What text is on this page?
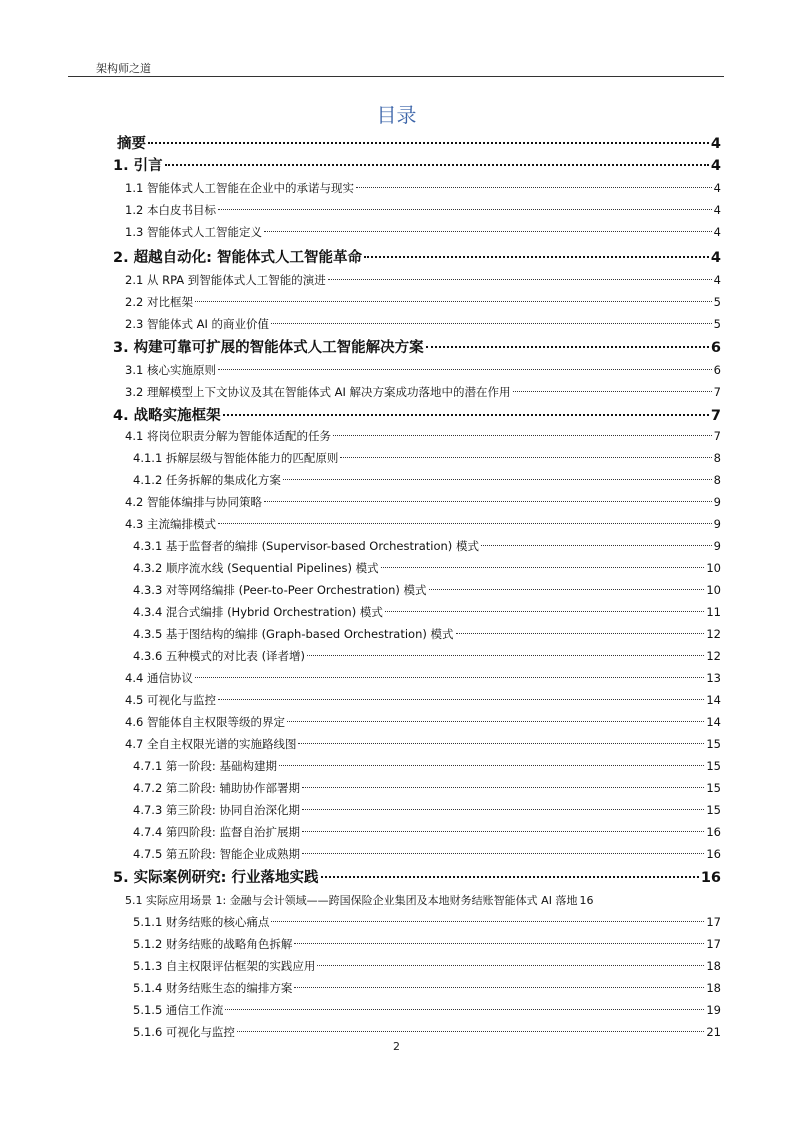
架构师之道
目录
摘要	4
1. 引言	4
1.1 智能体式人工智能在企业中的承诺与现实	4
1.2 本白皮书目标	4
1.3 智能体式人工智能定义	4
2. 超越自动化: 智能体式人工智能革命	4
2.1 从 RPA 到智能体式人工智能的演进	4
2.2 对比框架	5
2.3 智能体式 AI 的商业价值	5
3. 构建可靠可扩展的智能体式人工智能解决方案	6
3.1 核心实施原则	6
3.2 理解模型上下文协议及其在智能体式 AI 解决方案成功落地中的潜在作用	7
4. 战略实施框架	7
4.1 将岗位职责分解为智能体适配的任务	7
4.1.1 拆解层级与智能体能力的匹配原则	8
4.1.2 任务拆解的集成化方案	8
4.2 智能体编排与协同策略	9
4.3 主流编排模式	9
4.3.1 基于监督者的编排 (Supervisor-based Orchestration) 模式	9
4.3.2 顺序流水线 (Sequential Pipelines) 模式	10
4.3.3 对等网络编排 (Peer-to-Peer Orchestration) 模式	10
4.3.4 混合式编排 (Hybrid Orchestration) 模式	11
4.3.5 基于图结构的编排 (Graph-based Orchestration) 模式	12
4.3.6 五种模式的对比表 (译者增)	12
4.4 通信协议	13
4.5 可视化与监控	14
4.6 智能体自主权限等级的界定	14
4.7 全自主权限光谱的实施路线图	15
4.7.1 第一阶段: 基础构建期	15
4.7.2 第二阶段: 辅助协作部署期	15
4.7.3 第三阶段: 协同自治深化期	15
4.7.4 第四阶段: 监督自治扩展期	16
4.7.5 第五阶段: 智能企业成熟期	16
5. 实际案例研究: 行业落地实践	16
5.1 实际应用场景 1: 金融与会计领域——跨国保险企业集团及本地财务结账智能体式 AI 落地 16
5.1.1 财务结账的核心痛点	17
5.1.2 财务结账的战略角色拆解	17
5.1.3 自主权限评估框架的实践应用	18
5.1.4 财务结账生态的编排方案	18
5.1.5 通信工作流	19
5.1.6 可视化与监控	21
2
